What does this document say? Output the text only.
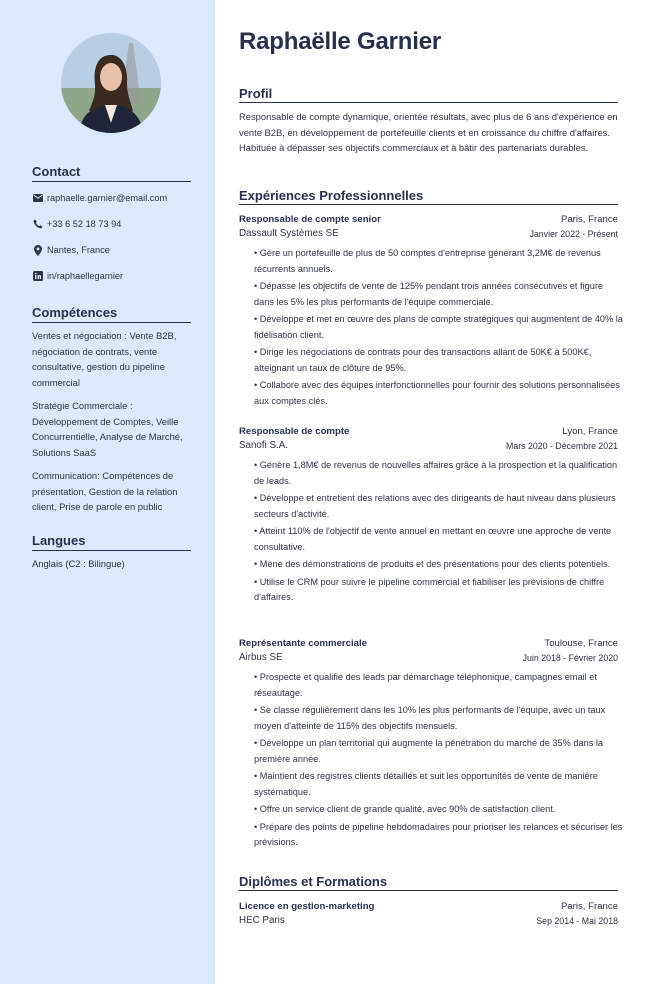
Contact
raphaelle.garnier@email.com
+33 6 52 18 73 94
Nantes, France
in/raphaellegarnier
Compétences
Ventes et négociation : Vente B2B, négociation de contrats, vente consultative, gestion du pipeline commercial
Stratégie Commerciale : Développement de Comptes, Veille Concurrentielle, Analyse de Marché, Solutions SaaS
Communication: Compétences de présentation, Gestion de la relation client, Prise de parole en public
Langues
Anglais (C2 : Bilingue)
Raphaëlle Garnier
Profil
Responsable de compte dynamique, orientée résultats, avec plus de 6 ans d'expérience en vente B2B, en développement de portefeuille clients et en croissance du chiffre d'affaires. Habituée à dépasser ses objectifs commerciaux et à bâtir des partenariats durables.
Expériences Professionnelles
Responsable de compte senior	Paris, France
Dassault Systèmes SE	Janvier 2022 - Présent
• Gère un portefeuille de plus de 50 comptes d'entreprise générant 3,2M€ de revenus récurrents annuels.
• Dépasse les objectifs de vente de 125% pendant trois années consécutives et figure dans les 5% les plus performants de l'équipe commerciale.
• Développe et met en œuvre des plans de compte stratégiques qui augmentent de 40% la fidélisation client.
• Dirige les négociations de contrats pour des transactions allant de 50K€ à 500K€, atteignant un taux de clôture de 95%.
• Collabore avec des équipes interfonctionnelles pour fournir des solutions personnalisées aux comptes clés.
Responsable de compte	Lyon, France
Sanofi S.A.	Mars 2020 - Décembre 2021
• Génère 1,8M€ de revenus de nouvelles affaires grâce à la prospection et la qualification de leads.
• Développe et entretient des relations avec des dirigeants de haut niveau dans plusieurs secteurs d'activité.
• Atteint 110% de l'objectif de vente annuel en mettant en œuvre une approche de vente consultative.
• Mène des démonstrations de produits et des présentations pour des clients potentiels.
• Utilise le CRM pour suivre le pipeline commercial et fiabiliser les prévisions de chiffre d'affaires.
Représentante commerciale	Toulouse, France
Airbus SE	Juin 2018 - Février 2020
• Prospecte et qualifie des leads par démarchage téléphonique, campagnes email et réseautage.
• Se classe régulièrement dans les 10% les plus performants de l'équipe, avec un taux moyen d'atteinte de 115% des objectifs mensuels.
• Développe un plan territorial qui augmente la pénétration du marché de 35% dans la première année.
• Maintient des registres clients détaillés et suit les opportunités de vente de manière systématique.
• Offre un service client de grande qualité, avec 90% de satisfaction client.
• Prépare des points de pipeline hebdomadaires pour prioriser les relances et sécuriser les prévisions.
Diplômes et Formations
Licence en gestion-marketing	Paris, France
HEC Paris	Sep 2014 - Mai 2018
